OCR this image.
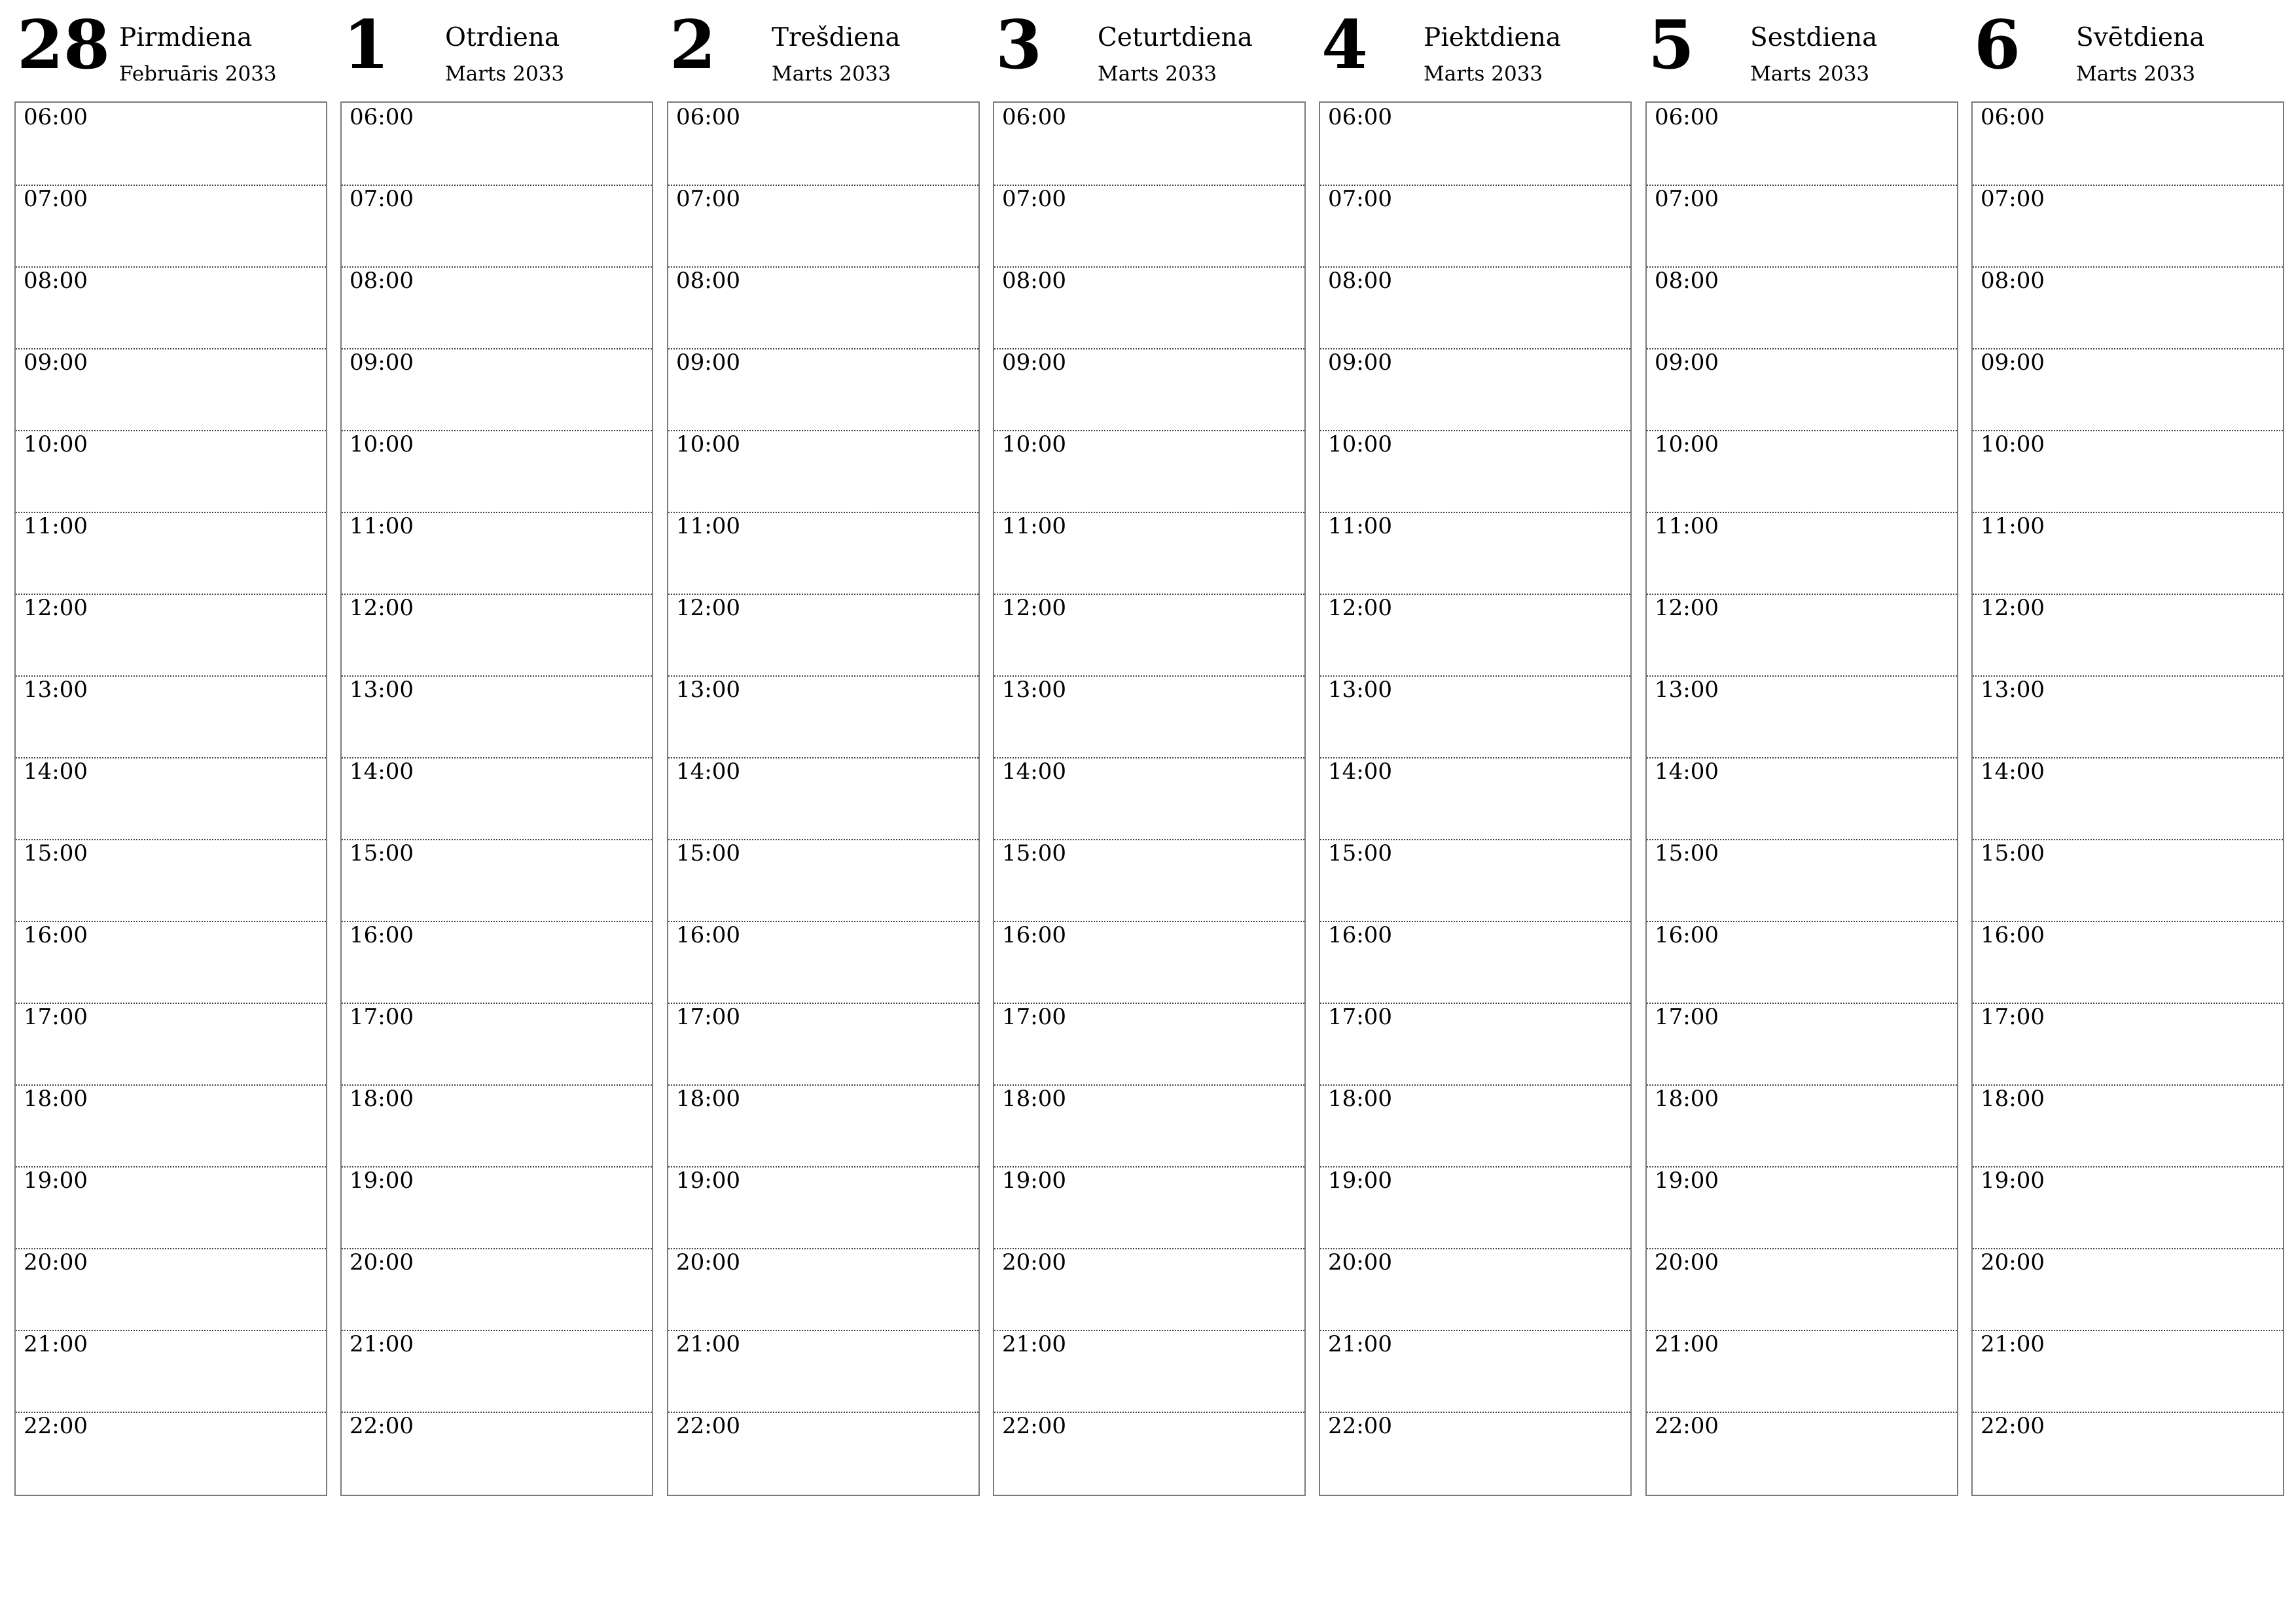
28 Pirmdiena
Februāris 2033
06:00
07:00
08:00
09:00
10:00
11:00
12:00
13:00
14:00
15:00
16:00
17:00
18:00
19:00
20:00
21:00
22:00
1 Otrdiena
Marts 2033
06:00
07:00
08:00
09:00
10:00
11:00
12:00
13:00
14:00
15:00
16:00
17:00
18:00
19:00
20:00
21:00
22:00
2 Trešdiena
Marts 2033
06:00
07:00
08:00
09:00
10:00
11:00
12:00
13:00
14:00
15:00
16:00
17:00
18:00
19:00
20:00
21:00
22:00
3 Ceturtdiena
Marts 2033
06:00
07:00
08:00
09:00
10:00
11:00
12:00
13:00
14:00
15:00
16:00
17:00
18:00
19:00
20:00
21:00
22:00
4 Piektdiena
Marts 2033
06:00
07:00
08:00
09:00
10:00
11:00
12:00
13:00
14:00
15:00
16:00
17:00
18:00
19:00
20:00
21:00
22:00
5 Sestdiena
Marts 2033
06:00
07:00
08:00
09:00
10:00
11:00
12:00
13:00
14:00
15:00
16:00
17:00
18:00
19:00
20:00
21:00
22:00
6 Svētdiena
Marts 2033
06:00
07:00
08:00
09:00
10:00
11:00
12:00
13:00
14:00
15:00
16:00
17:00
18:00
19:00
20:00
21:00
22:00
